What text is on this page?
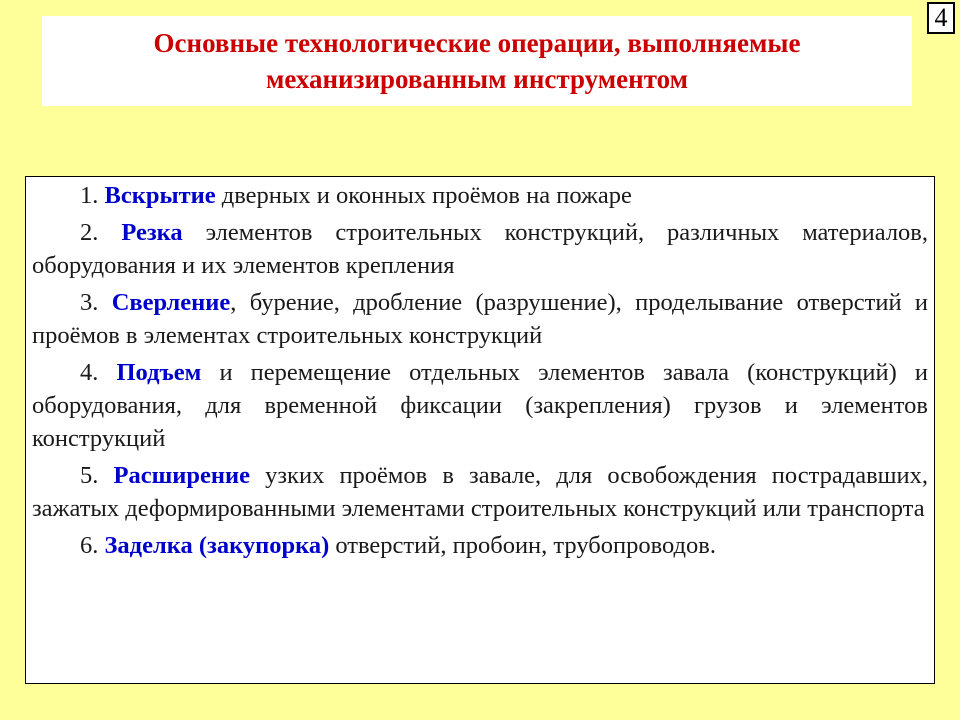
4
Основные технологические операции, выполняемые
механизированным инструментом

1. Вскрытие дверных и оконных проёмов на пожаре

2. Резка элементов строительных конструкций, различных материалов, оборудования и их элементов крепления

3. Сверление, бурение, дробление (разрушение), проделывание отверстий и проёмов в элементах строительных конструкций

4. Подъем и перемещение отдельных элементов завала (конструкций) и оборудования, для временной фиксации (закрепления) грузов и элементов конструкций

5. Расширение узких проёмов в завале, для освобождения пострадавших, зажатых деформированными элементами строительных конструкций или транспорта

6. Заделка (закупорка) отверстий, пробоин, трубопроводов.
